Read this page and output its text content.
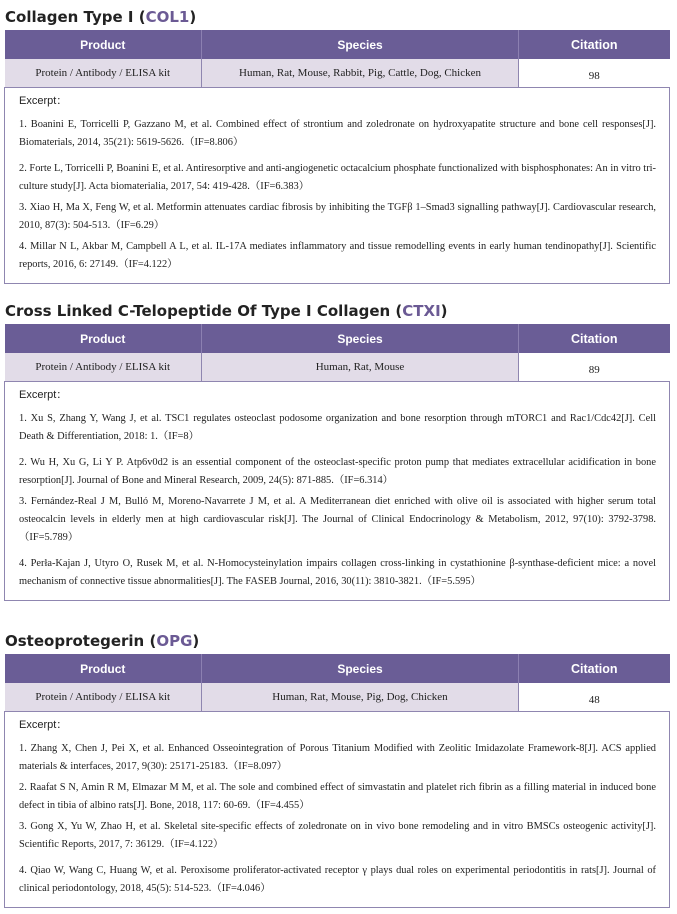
Collagen Type I (COL1)
Product	Species	Citation
Protein / Antibody / ELISA kit	Human, Rat, Mouse, Rabbit, Pig, Cattle, Dog, Chicken	98

Excerpt：

1. Boanini E, Torricelli P, Gazzano M, et al. Combined effect of strontium and zoledronate on hydroxyapatite structure and bone cell responses[J]. Biomaterials, 2014, 35(21): 5619-5626.（IF=8.806）

2. Forte L, Torricelli P, Boanini E, et al. Antiresorptive and anti-angiogenetic octacalcium phosphate functionalized with bisphosphonates: An in vitro tri-culture study[J]. Acta biomaterialia, 2017, 54: 419-428.（IF=6.383）

3. Xiao H, Ma X, Feng W, et al. Metformin attenuates cardiac fibrosis by inhibiting the TGFβ 1–Smad3 signalling pathway[J]. Cardiovascular research, 2010, 87(3): 504-513.（IF=6.29）

4. Millar N L, Akbar M, Campbell A L, et al. IL-17A mediates inflammatory and tissue remodelling events in early human tendinopathy[J]. Scientific reports, 2016, 6: 27149.（IF=4.122）		

Cross Linked C-Telopeptide Of Type I Collagen (CTXI)
Product	Species	Citation
Protein / Antibody / ELISA kit	Human, Rat, Mouse	89

Excerpt：

1. Xu S, Zhang Y, Wang J, et al. TSC1 regulates osteoclast podosome organization and bone resorption through mTORC1 and Rac1/Cdc42[J]. Cell Death & Differentiation, 2018: 1.（IF=8）

2. Wu H, Xu G, Li Y P. Atp6v0d2 is an essential component of the osteoclast-specific proton pump that mediates extracellular acidification in bone resorption[J]. Journal of Bone and Mineral Research, 2009, 24(5): 871-885.（IF=6.314）

3. Fernández-Real J M, Bulló M, Moreno-Navarrete J M, et al. A Mediterranean diet enriched with olive oil is associated with higher serum total osteocalcin levels in elderly men at high cardiovascular risk[J]. The Journal of Clinical Endocrinology & Metabolism, 2012, 97(10): 3792-3798.（IF=5.789）

4. Perła-Kajan J, Utyro O, Rusek M, et al. N-Homocysteinylation impairs collagen cross-linking in cystathionine β-synthase-deficient mice: a novel mechanism of connective tissue abnormalities[J]. The FASEB Journal, 2016, 30(11): 3810-3821.（IF=5.595）		

Osteoprotegerin (OPG)
Product	Species	Citation
Protein / Antibody / ELISA kit	Human, Rat, Mouse, Pig, Dog, Chicken	48

Excerpt：

1. Zhang X, Chen J, Pei X, et al. Enhanced Osseointegration of Porous Titanium Modified with Zeolitic Imidazolate Framework-8[J]. ACS applied materials & interfaces, 2017, 9(30): 25171-25183.（IF=8.097）

2. Raafat S N, Amin R M, Elmazar M M, et al. The sole and combined effect of simvastatin and platelet rich fibrin as a filling material in induced bone defect in tibia of albino rats[J]. Bone, 2018, 117: 60-69.（IF=4.455）

3. Gong X, Yu W, Zhao H, et al. Skeletal site-specific effects of zoledronate on in vivo bone remodeling and in vitro BMSCs osteogenic activity[J]. Scientific Reports, 2017, 7: 36129.（IF=4.122）

4. Qiao W, Wang C, Huang W, et al. Peroxisome proliferator-activated receptor γ plays dual roles on experimental periodontitis in rats[J]. Journal of clinical periodontology, 2018, 45(5): 514-523.（IF=4.046）		
